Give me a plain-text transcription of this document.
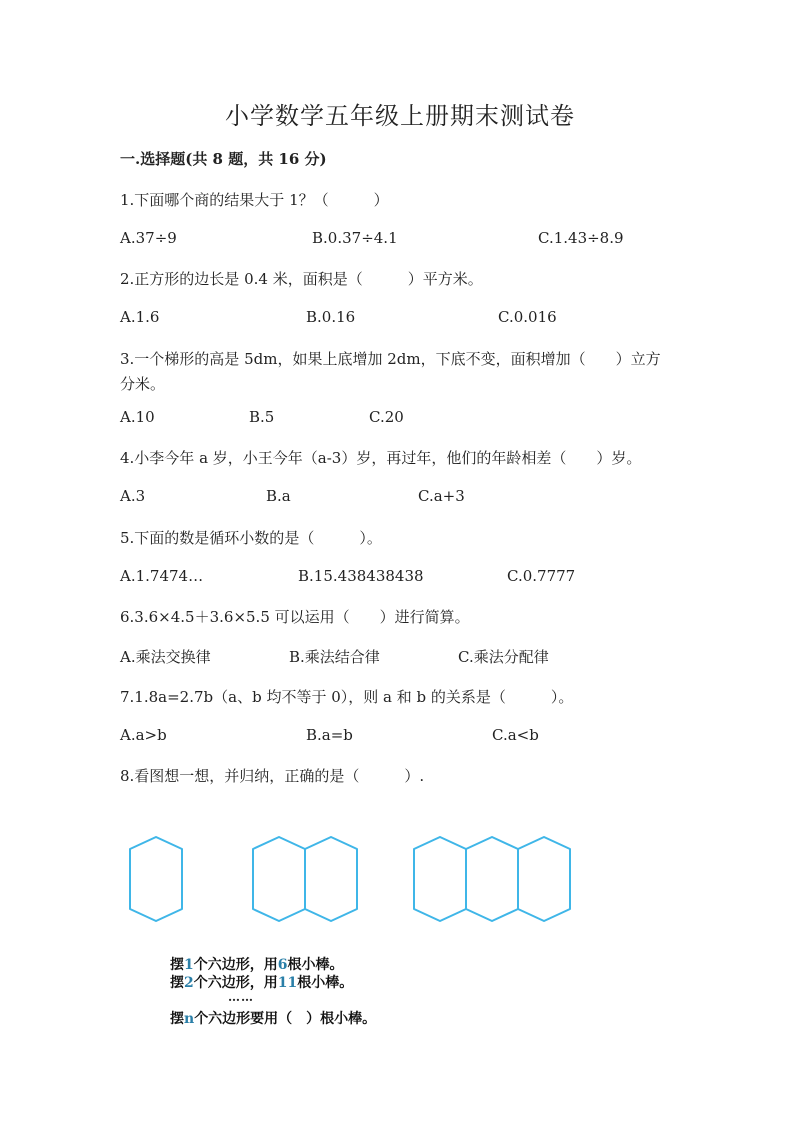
小学数学五年级上册期末测试卷
一.选择题(共 8 题，共 16 分)
1.下面哪个商的结果大于 1？（　　　）
A.37÷9	B.0.37÷4.1	C.1.43÷8.9
2.正方形的边长是 0.4 米，面积是（　　　）平方米。
A.1.6	B.0.16	C.0.016
3.一个梯形的高是 5dm，如果上底增加 2dm，下底不变，面积增加（　　）立方
分米。
A.10	B.5	C.20
4.小李今年 a 岁，小王今年（a-3）岁，再过年，他们的年龄相差（　　）岁。
A.3	B.a	C.a+3
5.下面的数是循环小数的是（　　　）。
A.1.7474…	B.15.438438438	C.0.7777
6.3.6×4.5＋3.6×5.5 可以运用（　　）进行简算。
A.乘法交换律	B.乘法结合律	C.乘法分配律
7.1.8a=2.7b（a、b 均不等于 0），则 a 和 b 的关系是（　　　）。
A.a>b	B.a=b	C.a<b
8.看图想一想，并归纳，正确的是（　　　）.
摆1个六边形，用6根小棒。
摆2个六边形，用11根小棒。
……
摆n个六边形要用（　）根小棒。
